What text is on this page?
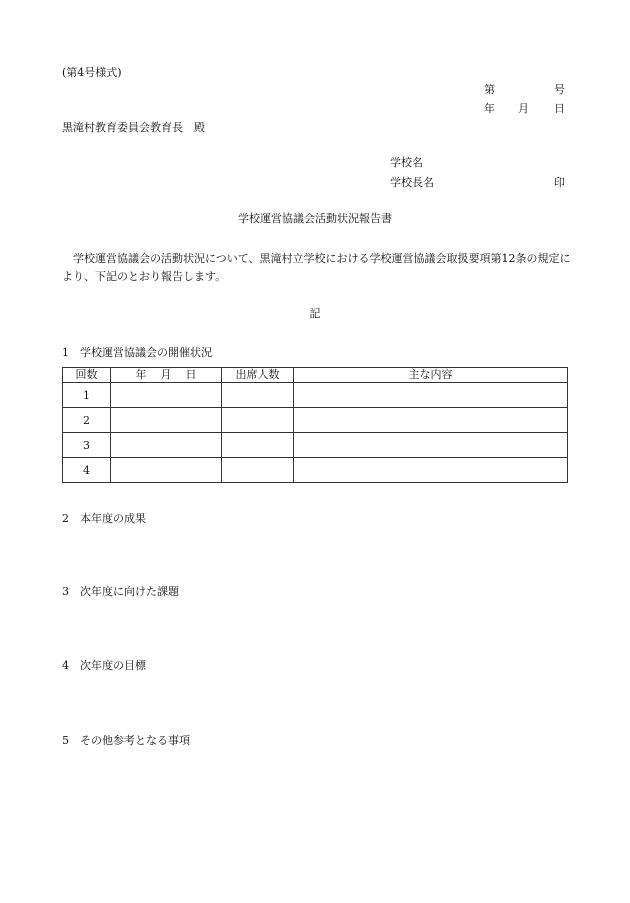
(第4号様式)
第	号
年 月 日
黒滝村教育委員会教育長　殿
学校名
学校長名	印
学校運営協議会活動状況報告書
学校運営協議会の活動状況について、黒滝村立学校における学校運営協議会取扱要項第12条の規定により、下記のとおり報告します。
記
1　学校運営協議会の開催状況
回数	年 月 日	出席人数	主な内容
1			
2			
3			
4			
2　本年度の成果
3　次年度に向けた課題
4　次年度の目標
5　その他参考となる事項
